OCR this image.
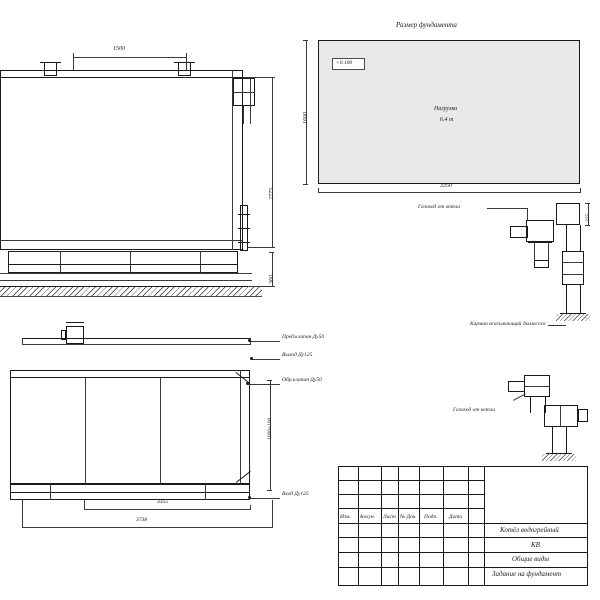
Размер фундамента
+0.100
Нагрузка
6.4 т
3350
1600
1500
2775
360
Газоход от котла
225
Карман всасывающий дымососа
Газоход от котла
Пред.клапан Ду50
Выход Ду125
Обр.клапан Ду50
Вход Ду125
1000±100
3355
3738	Изм. Колун. Лист № Док. Подп. Дата
Котёл водогрейный
КВ
Общие виды
Задание на фундамент
